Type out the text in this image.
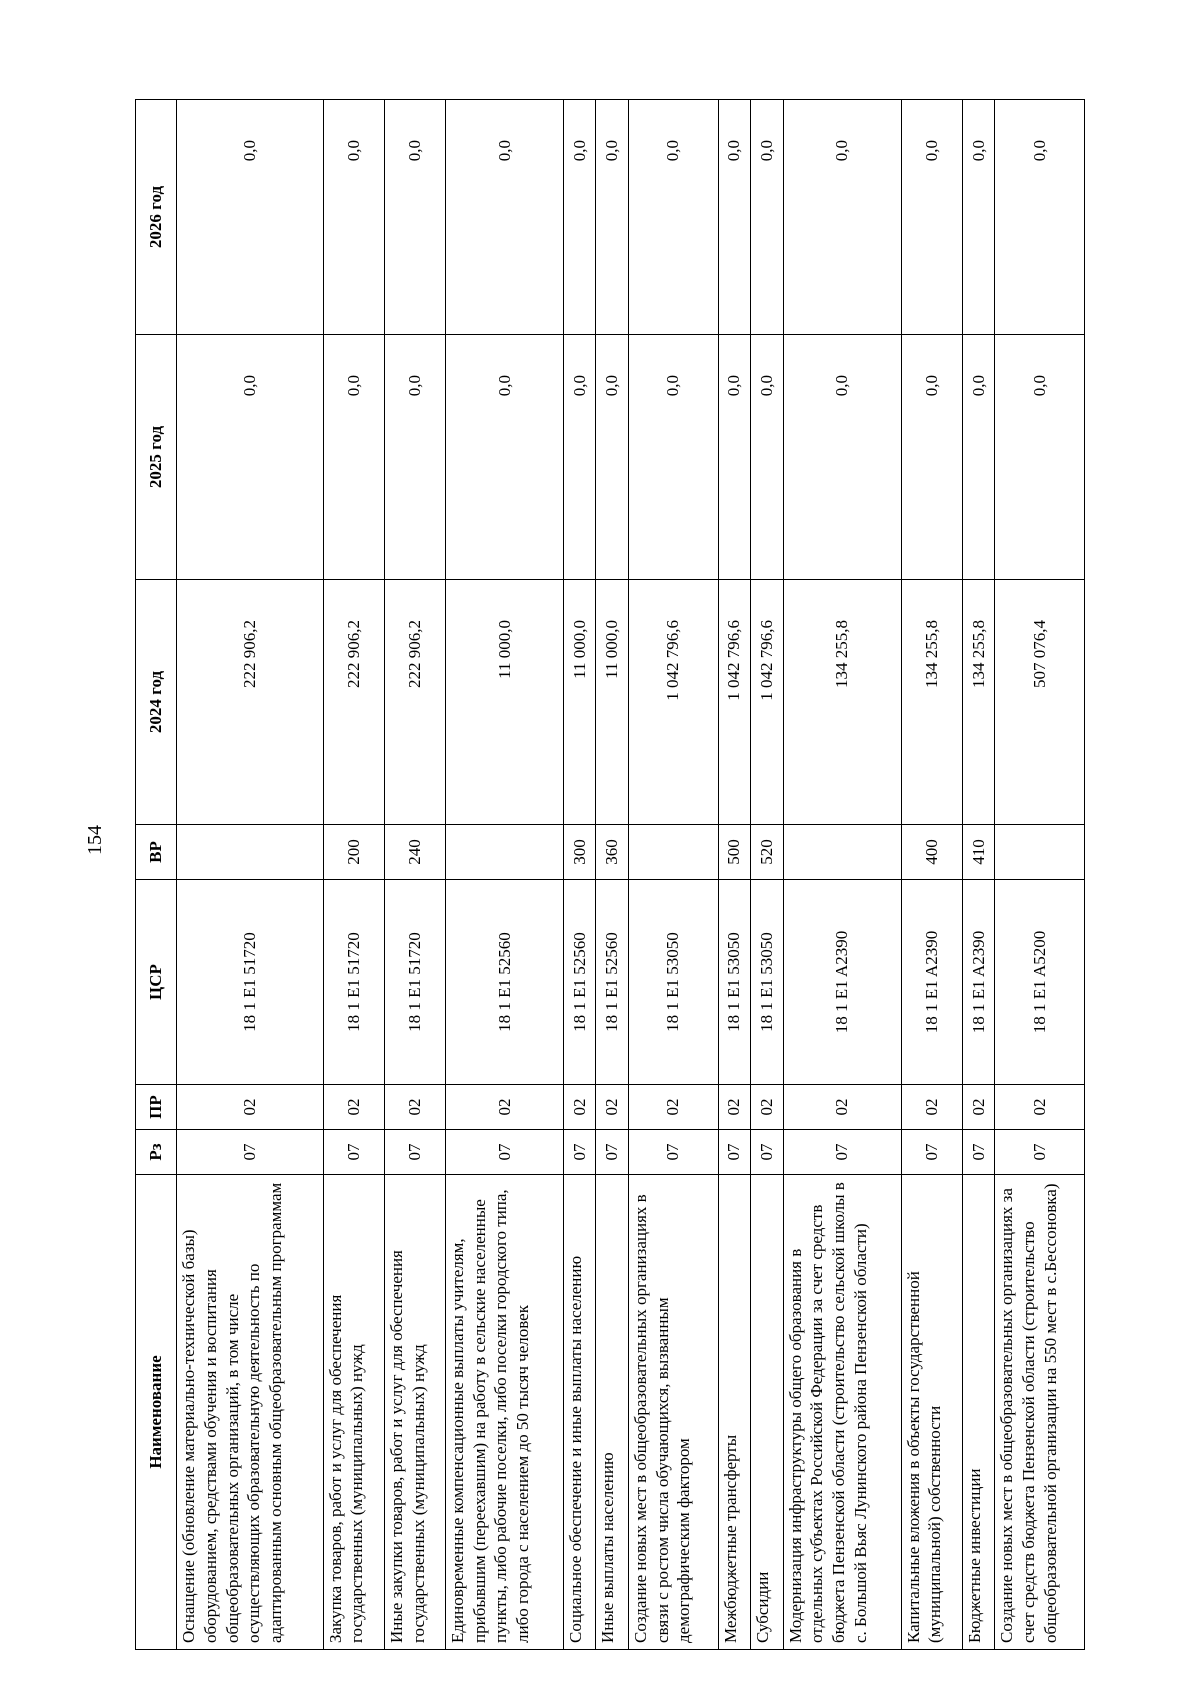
154
Наименование	Рз	ПР	ЦСР	ВР	2024 год	2025 год	2026 год
Оснащение (обновление материально-технической базы) оборудованием, средствами обучения и воспитания общеобразовательных организаций, в том числе осуществляющих образовательную деятельность по адаптированным основным общеобразовательным программам	07	02	18 1 E1 51720		222 906,2	0,0	0,0
Закупка товаров, работ и услуг для обеспечения государственных (муниципальных) нужд	07	02	18 1 E1 51720	200	222 906,2	0,0	0,0
Иные закупки товаров, работ и услуг для обеспечения государственных (муниципальных) нужд	07	02	18 1 E1 51720	240	222 906,2	0,0	0,0
Единовременные компенсационные выплаты учителям, прибывшим (переехавшим) на работу в сельские населенные пункты, либо рабочие поселки, либо поселки городского типа, либо города с населением до 50 тысяч человек	07	02	18 1 E1 52560		11 000,0	0,0	0,0
Социальное обеспечение и иные выплаты населению	07	02	18 1 E1 52560	300	11 000,0	0,0	0,0
Иные выплаты населению	07	02	18 1 E1 52560	360	11 000,0	0,0	0,0
Создание новых мест в общеобразовательных организациях в связи с ростом числа обучающихся, вызванным демографическим фактором	07	02	18 1 E1 53050		1 042 796,6	0,0	0,0
Межбюджетные трансферты	07	02	18 1 E1 53050	500	1 042 796,6	0,0	0,0
Субсидии	07	02	18 1 E1 53050	520	1 042 796,6	0,0	0,0
Модернизация инфраструктуры общего образования в отдельных субъектах Российской Федерации за счет средств бюджета Пензенской области (строительство сельской школы в с. Большой Вьяс Лунинского района Пензенской области)	07	02	18 1 E1 A2390		134 255,8	0,0	0,0
Капитальные вложения в объекты государственной (муниципальной) собственности	07	02	18 1 E1 A2390	400	134 255,8	0,0	0,0
Бюджетные инвестиции	07	02	18 1 E1 A2390	410	134 255,8	0,0	0,0
Создание новых мест в общеобразовательных организациях за счет средств бюджета Пензенской области (строительство общеобразовательной организации на 550 мест в с.Бессоновка)	07	02	18 1 E1 A5200		507 076,4	0,0	0,0
